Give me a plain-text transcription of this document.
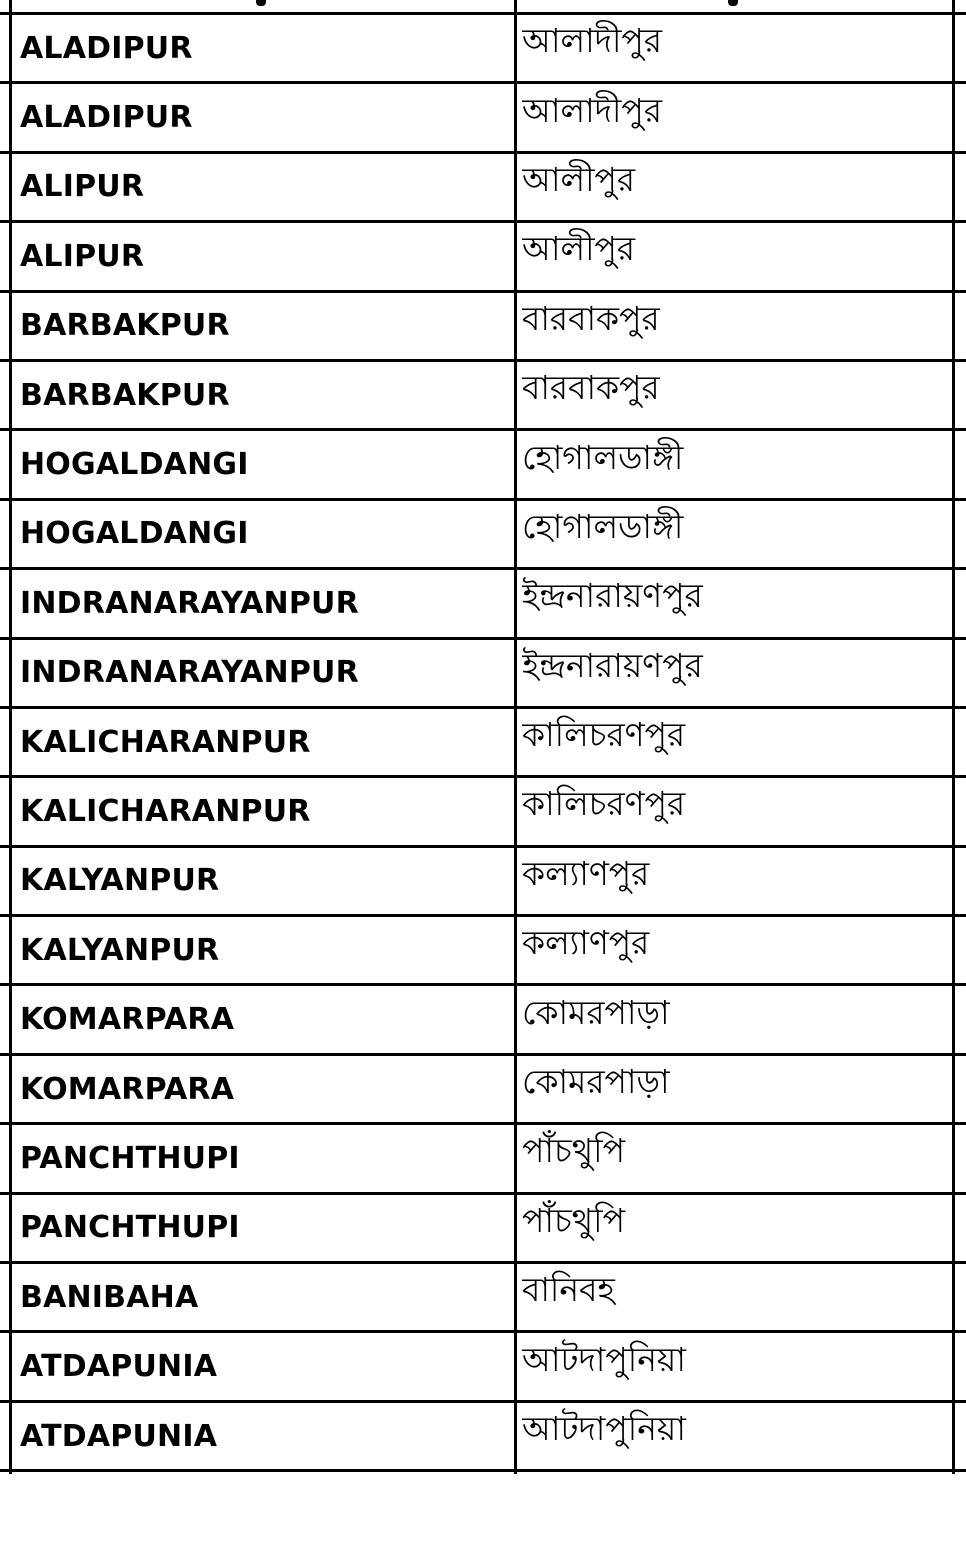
ALADIPUR	আলাদীপুর
ALADIPUR	আলাদীপুর
ALIPUR	আলীপুর
ALIPUR	আলীপুর
BARBAKPUR	বারবাকপুর
BARBAKPUR	বারবাকপুর
HOGALDANGI	হোগালডাঙ্গী
HOGALDANGI	হোগালডাঙ্গী
INDRANARAYANPUR	ইন্দ্রনারায়ণপুর
INDRANARAYANPUR	ইন্দ্রনারায়ণপুর
KALICHARANPUR	কালিচরণপুর
KALICHARANPUR	কালিচরণপুর
KALYANPUR	কল্যাণপুর
KALYANPUR	কল্যাণপুর
KOMARPARA	কোমরপাড়া
KOMARPARA	কোমরপাড়া
PANCHTHUPI	পাঁচথুপি
PANCHTHUPI	পাঁচথুপি
BANIBAHA	বানিবহ
ATDAPUNIA	আটদাপুনিয়া
ATDAPUNIA	আটদাপুনিয়া
